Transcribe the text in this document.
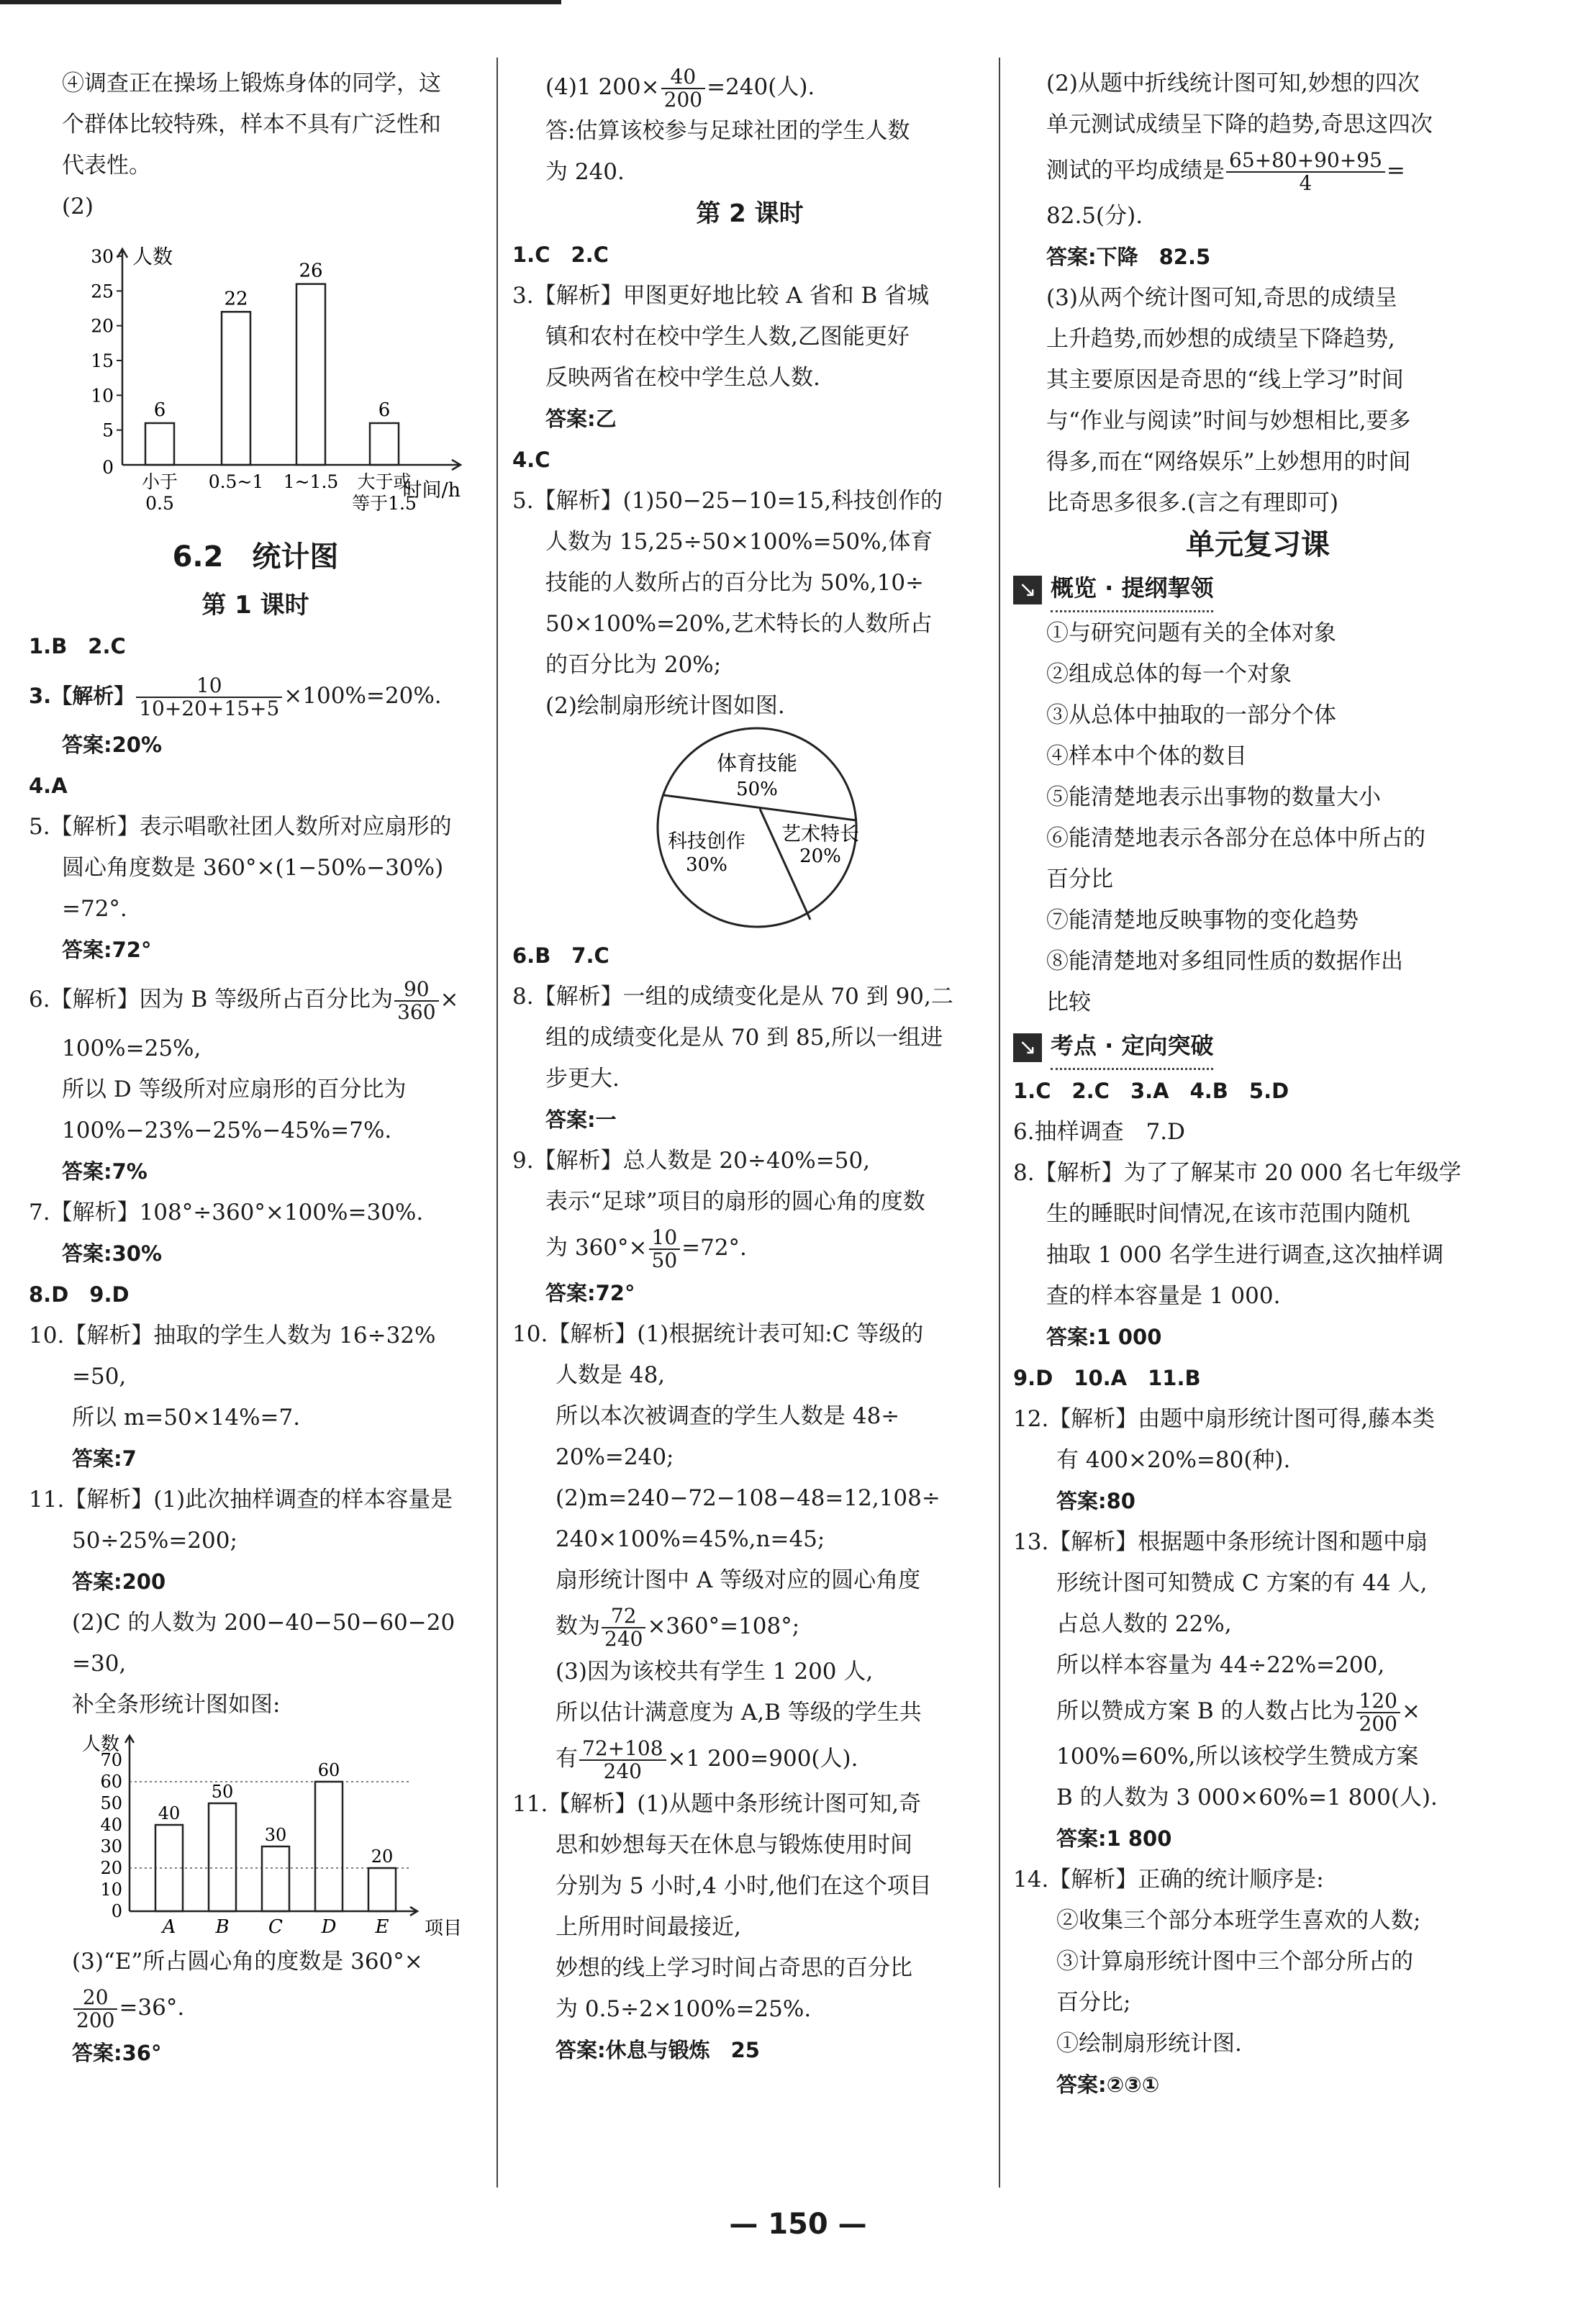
④调查正在操场上锻炼身体的同学，这

个群体比较特殊，样本不具有广泛性和

代表性。

(2)

人数
时间/h
30
25
20
15
10
5
0
6
小于
0.5
22
0.5~1
26
1~1.5
6
大于或
等于1.5
6.2　统计图
第 1 课时

1.B　2.C

3.【解析】 $\frac{10}{10+20+15+5} \times 100\%=20\%$.

答案:20%

4.A

5.【解析】表示唱歌社团人数所对应扇形的

圆心角度数是 360°×(1−50%−30%)

=72°.

答案:72°

6.【解析】因为 B 等级所占百分比为 $\frac{90}{360}$ ×

100%=25%,

所以 D 等级所对应扇形的百分比为

100%−23%−25%−45%=7%.

答案:7%

7.【解析】108°÷360°×100%=30%.

答案:30%

8.D　9.D

10.【解析】抽取的学生人数为 16÷32%

=50,

所以 m=50×14%=7.

答案:7

11.【解析】(1)此次抽样调查的样本容量是

50÷25%=200;

答案:200

(2)C 的人数为 200−40−50−60−20

=30,

补全条形统计图如图:

人数
项目
70
60
50
40
30
20
10
0
40
A
50
B
30
C
60
D
20
E

(3)“E”所占圆心角的度数是 360°×

$\frac{20}{200} =36^\circ$.

答案:36°

(4)1 $200\times \frac{40}{200} =240$(人).

答:估算该校参与足球社团的学生人数

为 240.

第 2 课时

1.C　2.C

3.【解析】甲图更好地比较 A 省和 B 省城

镇和农村在校中学生人数,乙图能更好

反映两省在校中学生总人数.

答案:乙

4.C

5.【解析】(1)50−25−10=15,科技创作的

人数为 15,25÷50×100%=50%,体育

技能的人数所占的百分比为 50%,10÷

50×100%=20%,艺术特长的人数所占

的百分比为 20%;

(2)绘制扇形统计图如图.

体育技能
50%
科技创作
30%
艺术特长
20%

6.B　7.C

8.【解析】一组的成绩变化是从 70 到 90,二

组的成绩变化是从 70 到 85,所以一组进

步更大.

答案:一

9.【解析】总人数是 20÷40%=50,

表示“足球”项目的扇形的圆心角的度数

为 $360^\circ\times \frac{10}{50} =72^\circ$.

答案:72°

10.【解析】(1)根据统计表可知:C 等级的

人数是 48,

所以本次被调查的学生人数是 48÷

20%=240;

(2)m=240−72−108−48=12,108÷

240×100%=45%,n=45;

扇形统计图中 A 等级对应的圆心角度

数为 $\frac{72}{240} \times 360^\circ=108^\circ$;

(3)因为该校共有学生 1 200 人,

所以估计满意度为 A,B 等级的学生共

有 $\frac{72+108}{240} \times 1$ 200=900(人).

11.【解析】(1)从题中条形统计图可知,奇

思和妙想每天在休息与锻炼使用时间

分别为 5 小时,4 小时,他们在这个项目

上所用时间最接近,

妙想的线上学习时间占奇思的百分比

为 0.5÷2×100%=25%.

答案:休息与锻炼　25

(2)从题中折线统计图可知,妙想的四次

单元测试成绩呈下降的趋势,奇思这四次

测试的平均成绩是 $\frac{65+80+90+95}{4}$ =

82.5(分).

答案:下降　82.5

(3)从两个统计图可知,奇思的成绩呈

上升趋势,而妙想的成绩呈下降趋势,

其主要原因是奇思的“线上学习”时间

与“作业与阅读”时间与妙想相比,要多

得多,而在“网络娱乐”上妙想用的时间

比奇思多很多.(言之有理即可)

单元复习课
↘ 概览 · 提纲挈领

①与研究问题有关的全体对象

②组成总体的每一个对象

③从总体中抽取的一部分个体

④样本中个体的数目

⑤能清楚地表示出事物的数量大小

⑥能清楚地表示各部分在总体中所占的

百分比

⑦能清楚地反映事物的变化趋势

⑧能清楚地对多组同性质的数据作出

比较

↘ 考点 · 定向突破

1.C　2.C　3.A　4.B　5.D

6.抽样调查　7.D

8.【解析】为了了解某市 20 000 名七年级学

生的睡眠时间情况,在该市范围内随机

抽取 1 000 名学生进行调查,这次抽样调

查的样本容量是 1 000.

答案:1 000

9.D　10.A　11.B

12.【解析】由题中扇形统计图可得,藤本类

有 400×20%=80(种).

答案:80

13.【解析】根据题中条形统计图和题中扇

形统计图可知赞成 C 方案的有 44 人,

占总人数的 22%,

所以样本容量为 44÷22%=200,

所以赞成方案 B 的人数占比为 $\frac{120}{200}$ ×

100%=60%,所以该校学生赞成方案

B 的人数为 3 000×60%=1 800(人).

答案:1 800

14.【解析】正确的统计顺序是:

②收集三个部分本班学生喜欢的人数;

③计算扇形统计图中三个部分所占的

百分比;

①绘制扇形统计图.

答案:②③①

— 150 —
